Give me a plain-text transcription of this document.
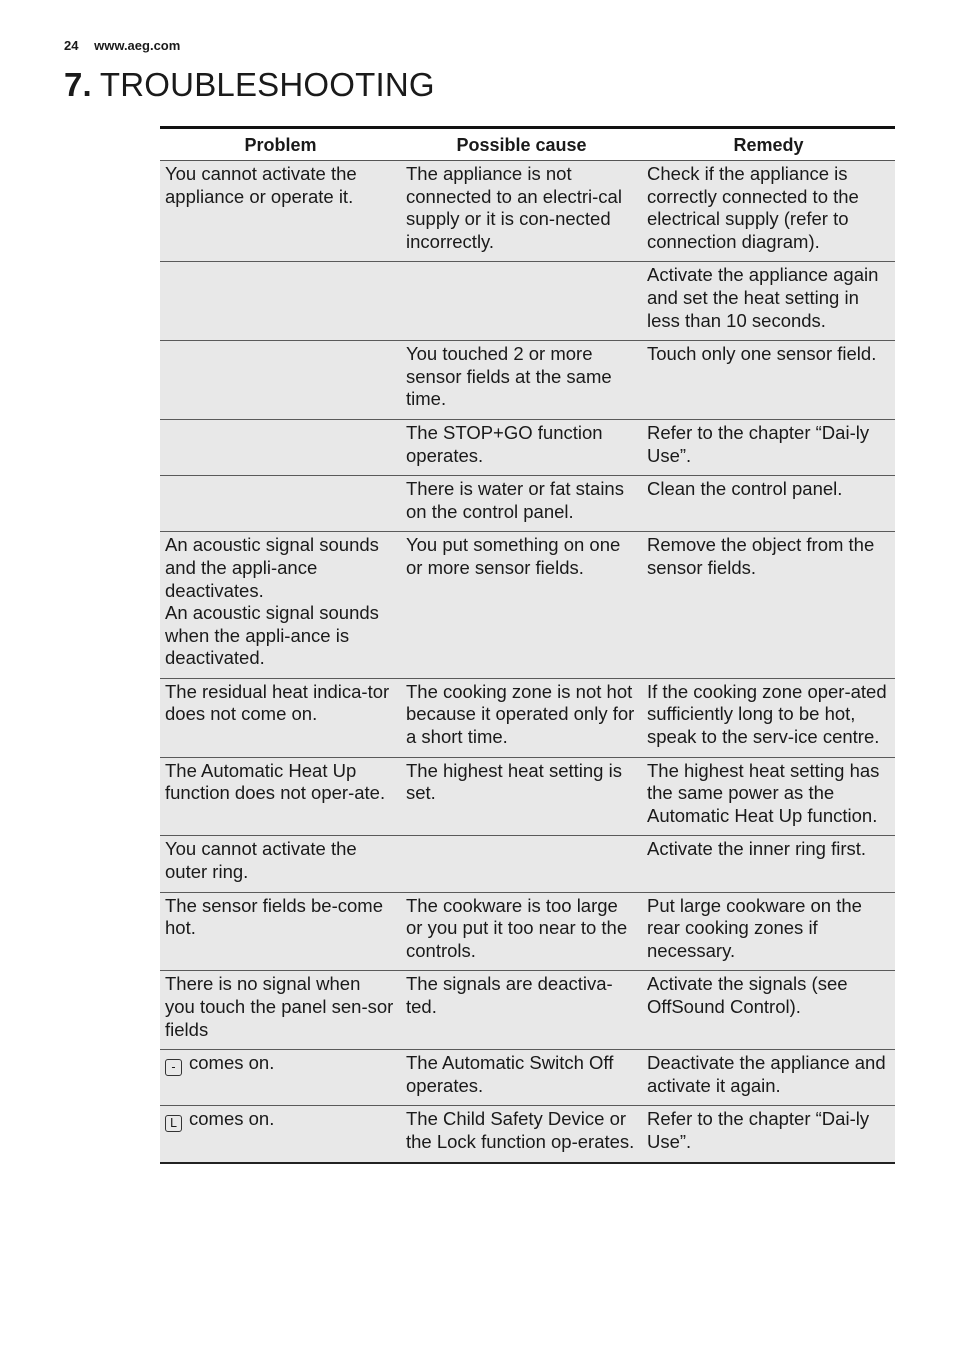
24 www.aeg.com
7. TROUBLESHOOTING
Problem	Possible cause	Remedy
You cannot activate the appliance or operate it.	The appliance is not connected to an electri-cal supply or it is con-nected incorrectly.	Check if the appliance is correctly connected to the electrical supply (refer to connection diagram).
		Activate the appliance again and set the heat setting in less than 10 seconds.
	You touched 2 or more sensor fields at the same time.	Touch only one sensor field.
	The STOP+GO function operates.	Refer to the chapter “Dai-ly Use”.
	There is water or fat stains on the control panel.	Clean the control panel.
An acoustic signal sounds and the appli-ance deactivates.
An acoustic signal sounds when the appli-ance is deactivated.	You put something on one or more sensor fields.	Remove the object from the sensor fields.
The residual heat indica-tor does not come on.	The cooking zone is not hot because it operated only for a short time.	If the cooking zone oper-ated sufficiently long to be hot, speak to the serv-ice centre.
The Automatic Heat Up function does not oper-ate.	The highest heat setting is set.	The highest heat setting has the same power as the Automatic Heat Up function.
You cannot activate the outer ring.		Activate the inner ring first.
The sensor fields be-come hot.	The cookware is too large or you put it too near to the controls.	Put large cookware on the rear cooking zones if necessary.
There is no signal when you touch the panel sen-sor fields	The signals are deactiva-ted.	Activate the signals (see OffSound Control).
- comes on.	The Automatic Switch Off operates.	Deactivate the appliance and activate it again.
L comes on.	The Child Safety Device or the Lock function op-erates.	Refer to the chapter “Dai-ly Use”.
